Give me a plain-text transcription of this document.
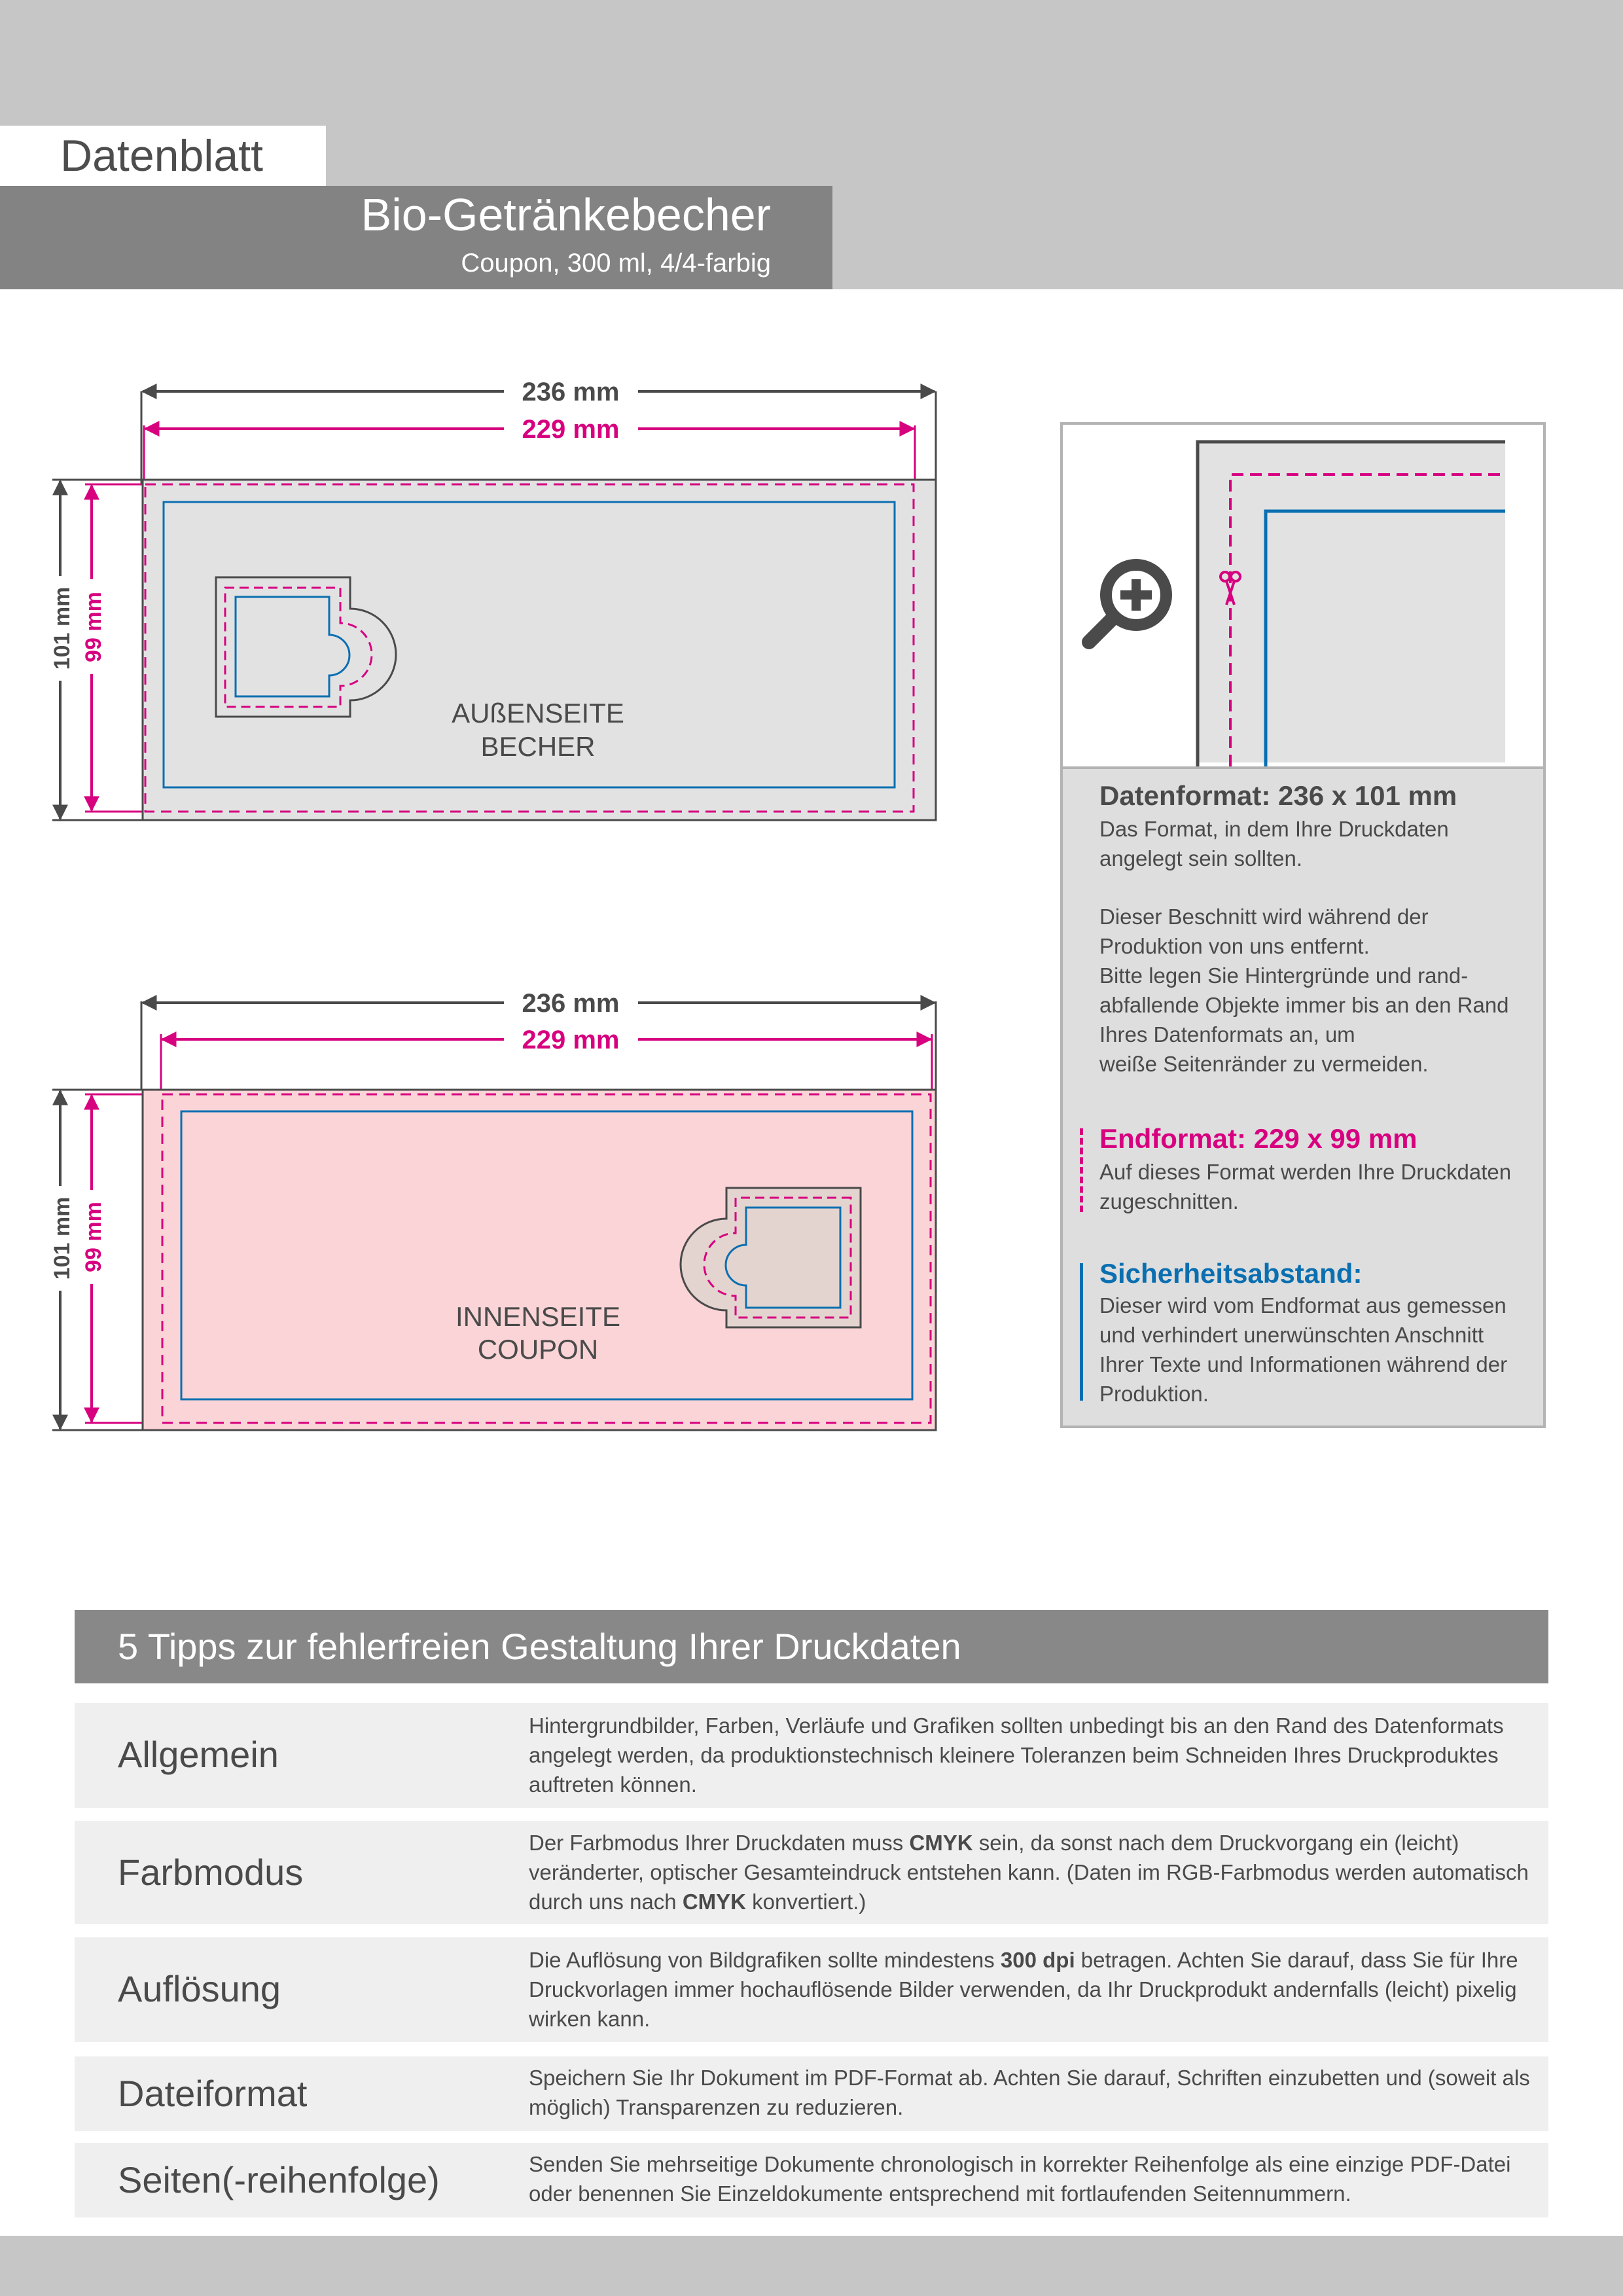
Datenblatt
Bio-Getränkebecher
Coupon, 300 ml, 4/4-farbig
236 mm
229 mm
101 mm 99 mm
AUßENSEITE
BECHER
236 mm
229 mm
101 mm 99 mm
INNENSEITE
COUPON
Datenformat: 236 x 101 mm
Das Format, in dem Ihre Druckdaten
angelegt sein sollten.
Dieser Beschnitt wird während der
Produktion von uns entfernt.
Bitte legen Sie Hintergründe und rand-
abfallende Objekte immer bis an den Rand
Ihres Datenformats an, um
weiße Seitenränder zu vermeiden.
Endformat: 229 x 99 mm
Auf dieses Format werden Ihre Druckdaten
zugeschnitten.
Sicherheitsabstand:
Dieser wird vom Endformat aus gemessen
und verhindert unerwünschten Anschnitt
Ihrer Texte und Informationen während der
Produktion.
5 Tipps zur fehlerfreien Gestaltung Ihrer Druckdaten
Allgemein
Hintergrundbilder, Farben, Verläufe und Grafiken sollten unbedingt bis an den Rand des Datenformats angelegt werden, da produktionstechnisch kleinere Toleranzen beim Schneiden Ihres Druckproduktes auftreten können.
Farbmodus
Der Farbmodus Ihrer Druckdaten muss CMYK sein, da sonst nach dem Druckvorgang ein (leicht) veränderter, optischer Gesamteindruck entstehen kann. (Daten im RGB-Farbmodus werden automatisch durch uns nach CMYK konvertiert.)
Auflösung
Die Auflösung von Bildgrafiken sollte mindestens 300 dpi betragen. Achten Sie darauf, dass Sie für Ihre Druckvorlagen immer hochauflösende Bilder verwenden, da Ihr Druckprodukt andernfalls (leicht) pixelig wirken kann.
Dateiformat	Speichern Sie Ihr Dokument im PDF-Format ab. Achten Sie darauf, Schriften einzubetten und (soweit als möglich) Transparenzen zu reduzieren.
Seiten(-reihenfolge)	Senden Sie mehrseitige Dokumente chronologisch in korrekter Reihenfolge als eine einzige PDF-Datei oder benennen Sie Einzeldokumente entsprechend mit fortlaufenden Seitennummern.
